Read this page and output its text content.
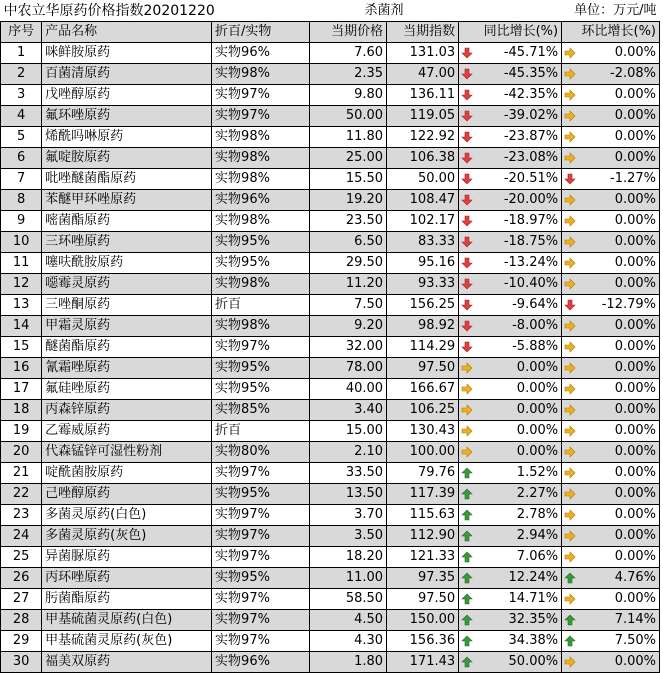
中农立华原药价格指数20201220			杀菌剂		单位：万元/吨	
序号	产品名称	折百/实物	当期价格	当期指数	同比增长(%)	环比增长(%)
1	咪鲜胺原药	实物96%	7.60	131.03	-45.71%	0.00%
2	百菌清原药	实物98%	2.35	47.00	-45.35%	-2.08%
3	戊唑醇原药	实物97%	9.80	136.11	-42.35%	0.00%
4	氟环唑原药	实物97%	50.00	119.05	-39.02%	0.00%
5	烯酰吗啉原药	实物98%	11.80	122.92	-23.87%	0.00%
6	氟啶胺原药	实物98%	25.00	106.38	-23.08%	0.00%
7	吡唑醚菌酯原药	实物98%	15.50	50.00	-20.51%	-1.27%
8	苯醚甲环唑原药	实物96%	19.20	108.47	-20.00%	0.00%
9	嘧菌酯原药	实物98%	23.50	102.17	-18.97%	0.00%
10	三环唑原药	实物95%	6.50	83.33	-18.75%	0.00%
11	噻呋酰胺原药	实物95%	29.50	95.16	-13.24%	0.00%
12	噁霉灵原药	实物98%	11.20	93.33	-10.40%	0.00%
13	三唑酮原药	折百	7.50	156.25	-9.64%	-12.79%
14	甲霜灵原药	实物98%	9.20	98.92	-8.00%	0.00%
15	醚菌酯原药	实物97%	32.00	114.29	-5.88%	0.00%
16	氰霜唑原药	实物95%	78.00	97.50	0.00%	0.00%
17	氟硅唑原药	实物95%	40.00	166.67	0.00%	0.00%
18	丙森锌原药	实物85%	3.40	106.25	0.00%	0.00%
19	乙霉威原药	折百	15.00	130.43	0.00%	0.00%
20	代森锰锌可湿性粉剂	实物80%	2.10	100.00	0.00%	0.00%
21	啶酰菌胺原药	实物97%	33.50	79.76	1.52%	0.00%
22	己唑醇原药	实物95%	13.50	117.39	2.27%	0.00%
23	多菌灵原药(白色)	实物97%	3.70	115.63	2.78%	0.00%
24	多菌灵原药(灰色)	实物97%	3.50	112.90	2.94%	0.00%
25	异菌脲原药	实物97%	18.20	121.33	7.06%	0.00%
26	丙环唑原药	实物95%	11.00	97.35	12.24%	4.76%
27	肟菌酯原药	实物97%	58.50	97.50	14.71%	0.00%
28	甲基硫菌灵原药(白色)	实物97%	4.50	150.00	32.35%	7.14%
29	甲基硫菌灵原药(灰色)	实物97%	4.30	156.36	34.38%	7.50%
30	福美双原药	实物96%	1.80	171.43	50.00%	0.00%
